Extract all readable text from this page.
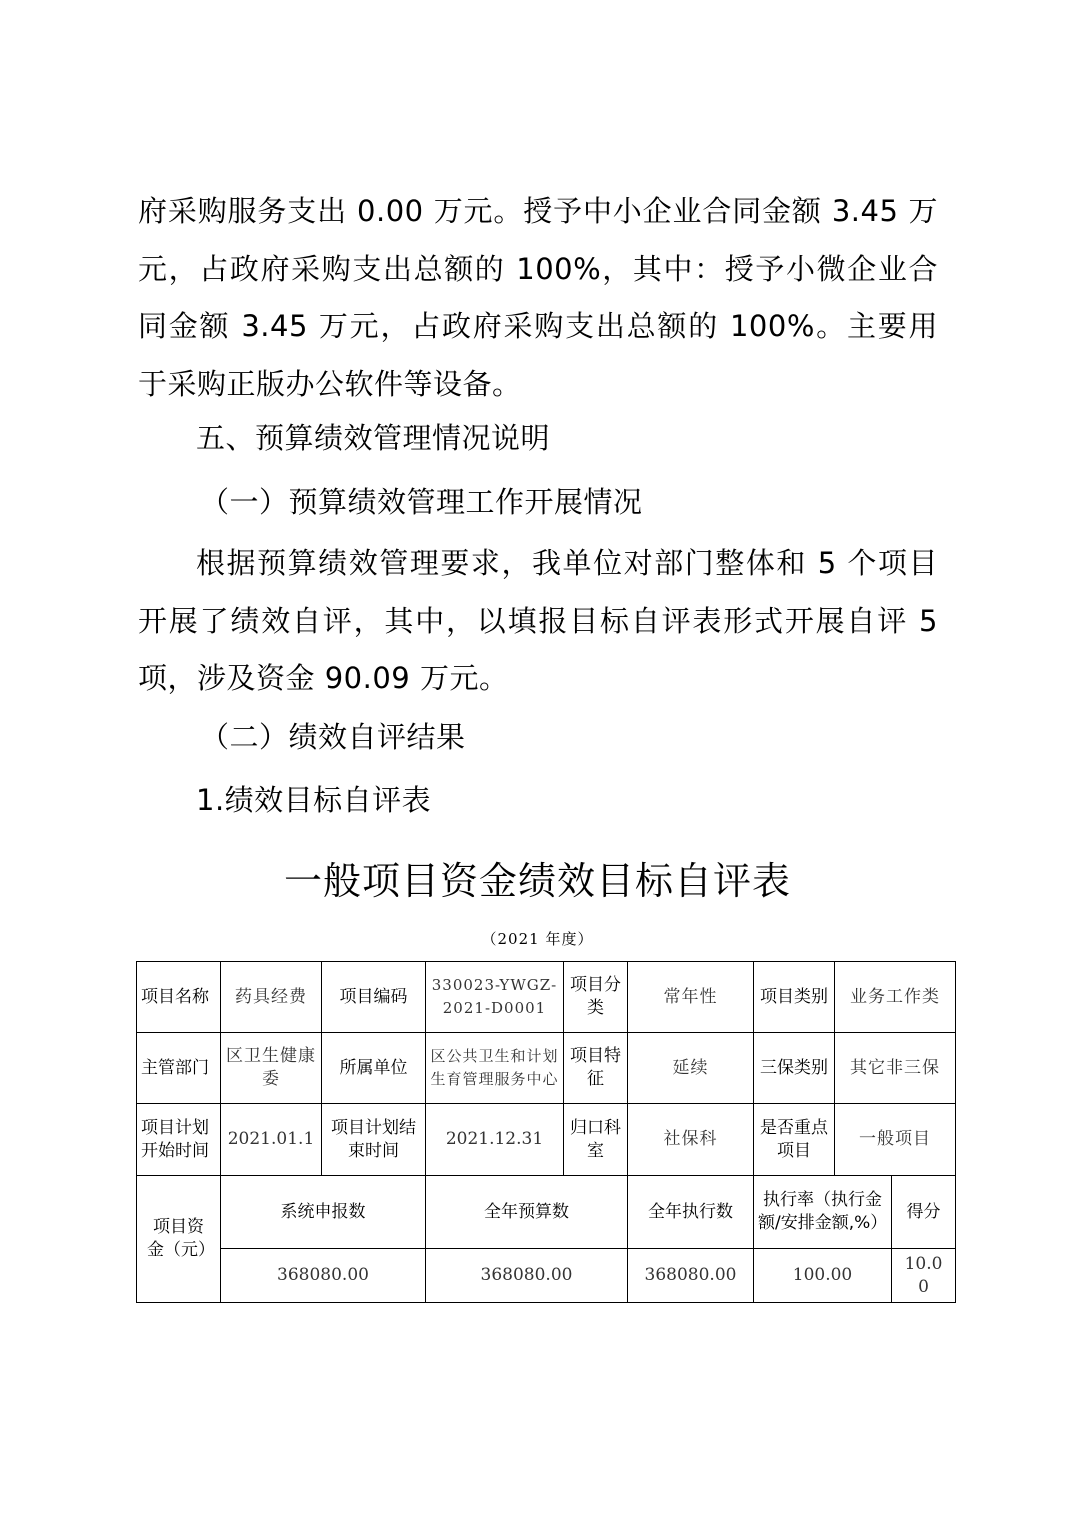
府采购服务支出 0.00 万元。授予中小企业合同金额 3.45 万元，占政府采购支出总额的 100%，其中：授予小微企业合同金额 3.45 万元，占政府采购支出总额的 100%。主要用于采购正版办公软件等设备。

五、预算绩效管理情况说明

（一）预算绩效管理工作开展情况

根据预算绩效管理要求，我单位对部门整体和 5 个项目开展了绩效自评，其中，以填报目标自评表形式开展自评 5 项，涉及资金 90.09 万元。

（二）绩效自评结果

1.绩效目标自评表

一般项目资金绩效目标自评表
（2021 年度）
项目名称	药具经费	项目编码	330023-YWGZ-2021-D0001	项目分类	常年性	项目类别	业务工作类	
主管部门	区卫生健康委	所属单位	区公共卫生和计划生育管理服务中心	项目特征	延续	三保类别	其它非三保	
项目计划开始时间	2021.01.1	项目计划结束时间	2021.12.31	归口科室	社保科	是否重点项目	一般项目	
项目资金（元）	系统申报数		全年预算数		全年执行数	执行率（执行金额/安排金额,%）		得分
	368080.00		368080.00		368080.00	100.00		10.00
